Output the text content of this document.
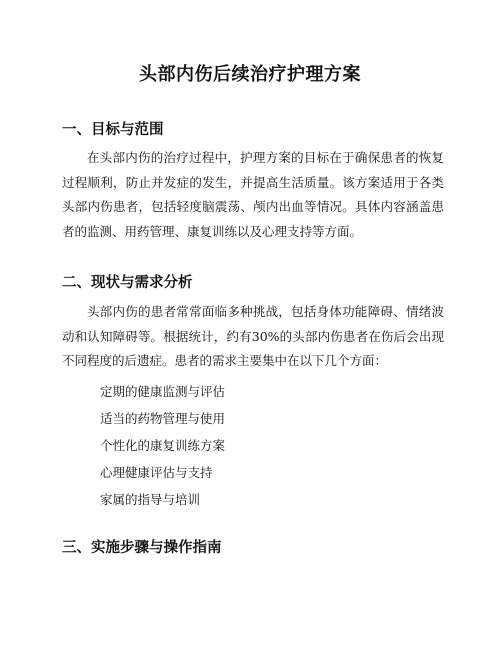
头部内伤后续治疗护理方案
一、目标与范围

在头部内伤的治疗过程中，护理方案的目标在于确保患者的恢复过程顺利，防止并发症的发生，并提高生活质量。该方案适用于各类头部内伤患者，包括轻度脑震荡、颅内出血等情况。具体内容涵盖患者的监测、用药管理、康复训练以及心理支持等方面。

二、现状与需求分析

头部内伤的患者常常面临多种挑战，包括身体功能障碍、情绪波动和认知障碍等。根据统计，约有30%的头部内伤患者在伤后会出现不同程度的后遗症。患者的需求主要集中在以下几个方面：

定期的健康监测与评估
适当的药物管理与使用
个性化的康复训练方案
心理健康评估与支持
家属的指导与培训
三、实施步骤与操作指南
